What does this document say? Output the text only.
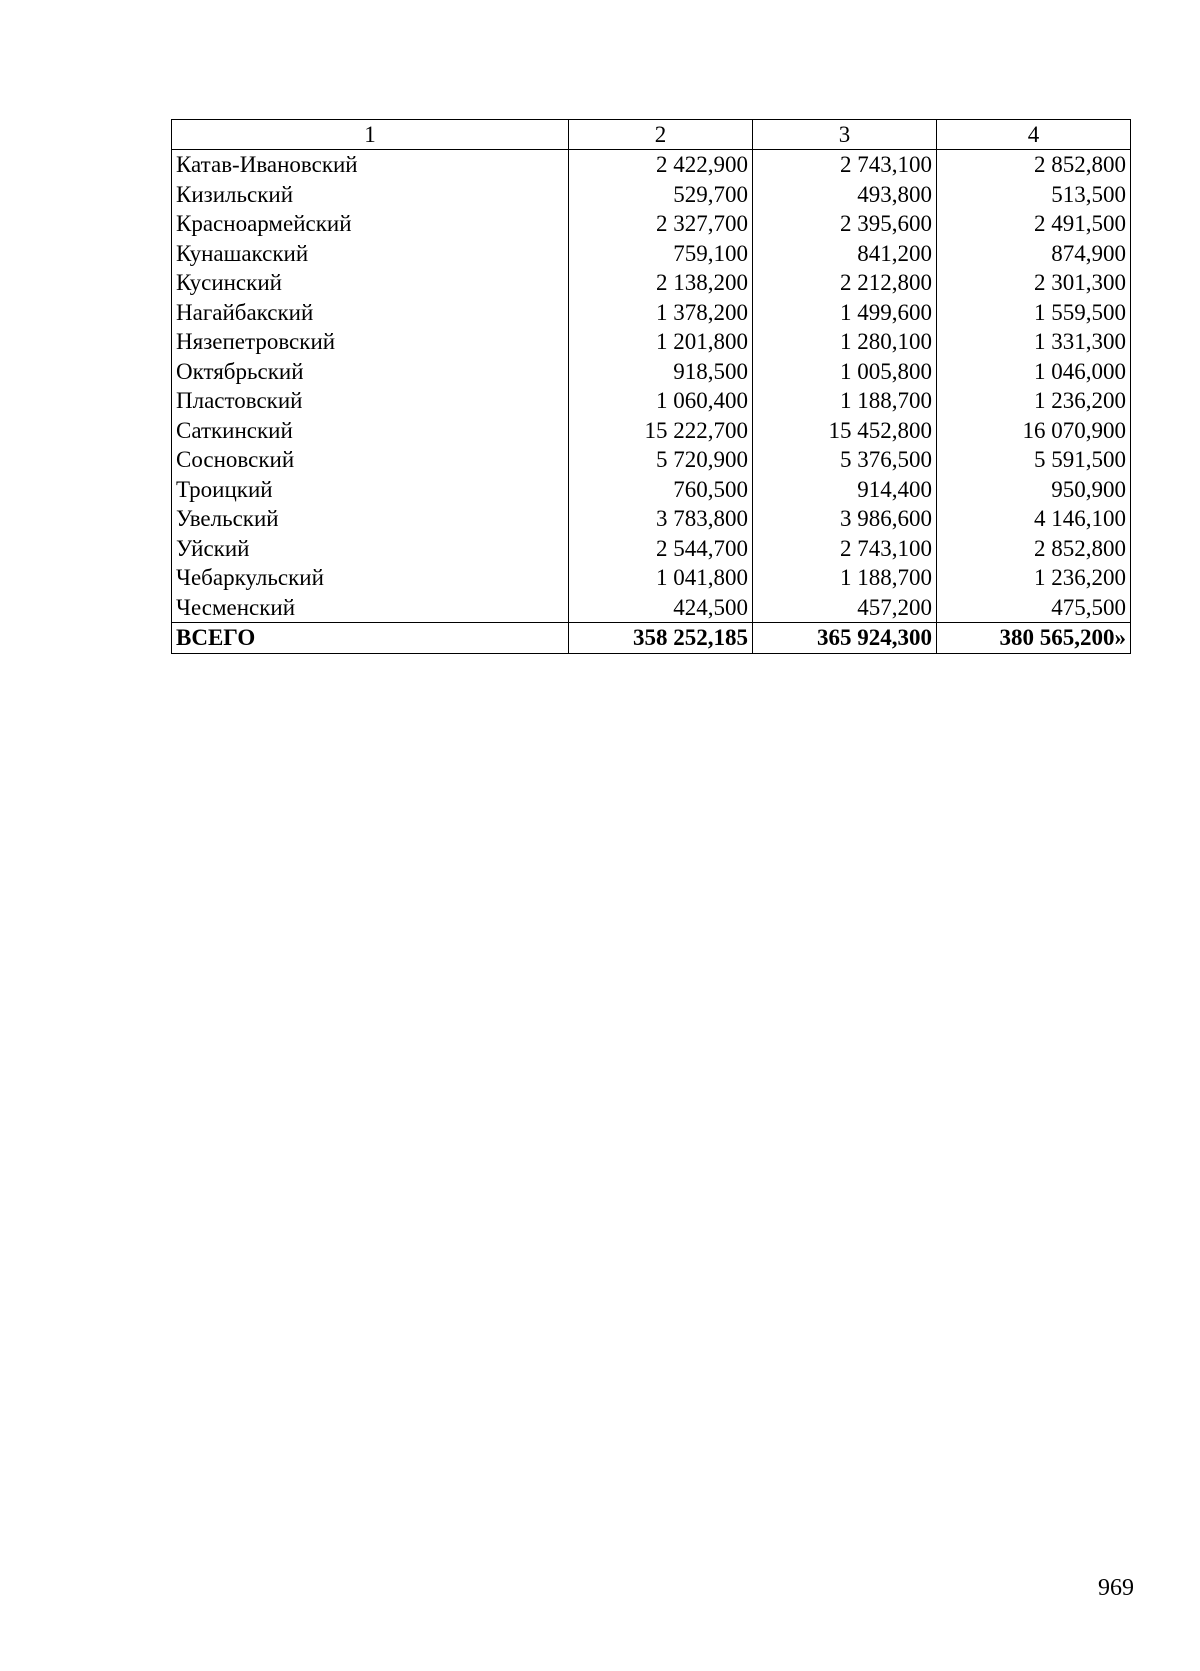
1	2	3	4
Катав-Ивановский	2 422,900	2 743,100	2 852,800
Кизильский	529,700	493,800	513,500
Красноармейский	2 327,700	2 395,600	2 491,500
Кунашакский	759,100	841,200	874,900
Кусинский	2 138,200	2 212,800	2 301,300
Нагайбакский	1 378,200	1 499,600	1 559,500
Нязепетровский	1 201,800	1 280,100	1 331,300
Октябрьский	918,500	1 005,800	1 046,000
Пластовский	1 060,400	1 188,700	1 236,200
Саткинский	15 222,700	15 452,800	16 070,900
Сосновский	5 720,900	5 376,500	5 591,500
Троицкий	760,500	914,400	950,900
Увельский	3 783,800	3 986,600	4 146,100
Уйский	2 544,700	2 743,100	2 852,800
Чебаркульский	1 041,800	1 188,700	1 236,200
Чесменский	424,500	457,200	475,500
ВСЕГО	358 252,185	365 924,300	380 565,200»
969
